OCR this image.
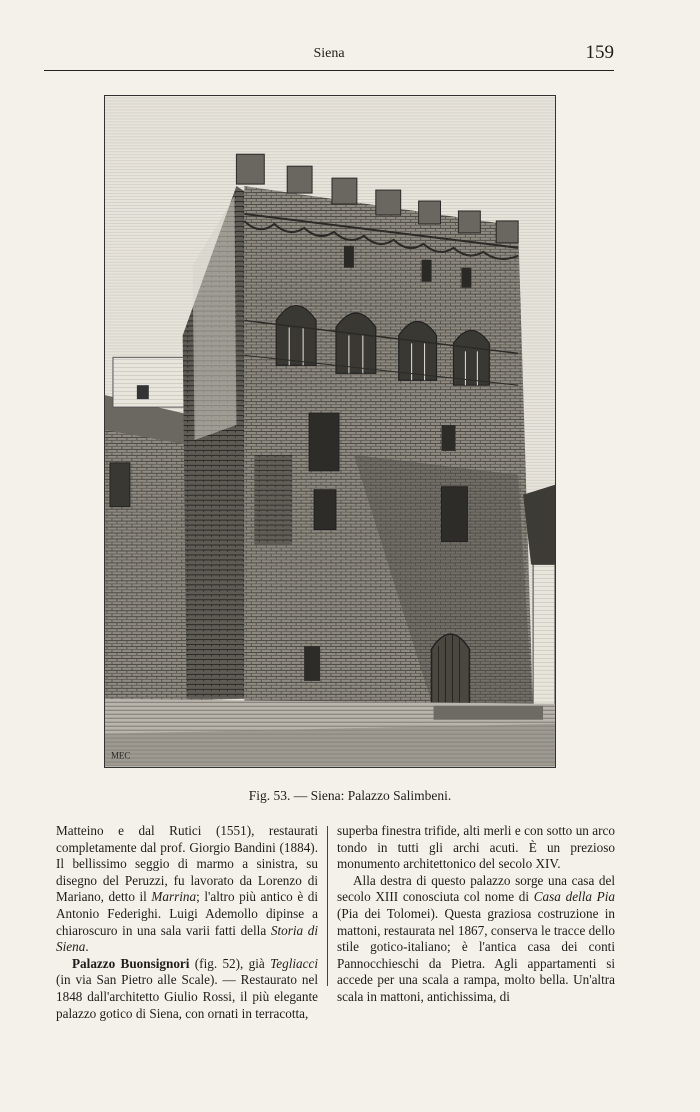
Siena	159
MEC
Fig. 53. — Siena: Palazzo Salimbeni.

Matteino e dal Rutici (1551), restaurati completamente dal prof. Giorgio Bandini (1884). Il bellissimo seggio di marmo a sinistra, su disegno del Peruzzi, fu lavorato da Lorenzo di Mariano, detto il Marrina; l'altro più antico è di Antonio Federighi. Luigi Ademollo dipinse a chiaroscuro in una sala varii fatti della Storia di Siena.

Palazzo Buonsignori (fig. 52), già Tegliacci (in via San Pietro alle Scale). — Restaurato nel 1848 dall'architetto Giulio Rossi, il più elegante palazzo gotico di Siena, con ornati in terracotta,

superba finestra trifide, alti merli e con sotto un arco tondo in tutti gli archi acuti. È un prezioso monumento architettonico del secolo XIV.

Alla destra di questo palazzo sorge una casa del secolo XIII conosciuta col nome di Casa della Pia (Pia dei Tolomei). Questa graziosa costruzione in mattoni, restaurata nel 1867, conserva le tracce dello stile gotico-italiano; è l'antica casa dei conti Pannocchieschi da Pietra. Agli appartamenti si accede per una scala a rampa, molto bella. Un'altra scala in mattoni, antichissima, di
